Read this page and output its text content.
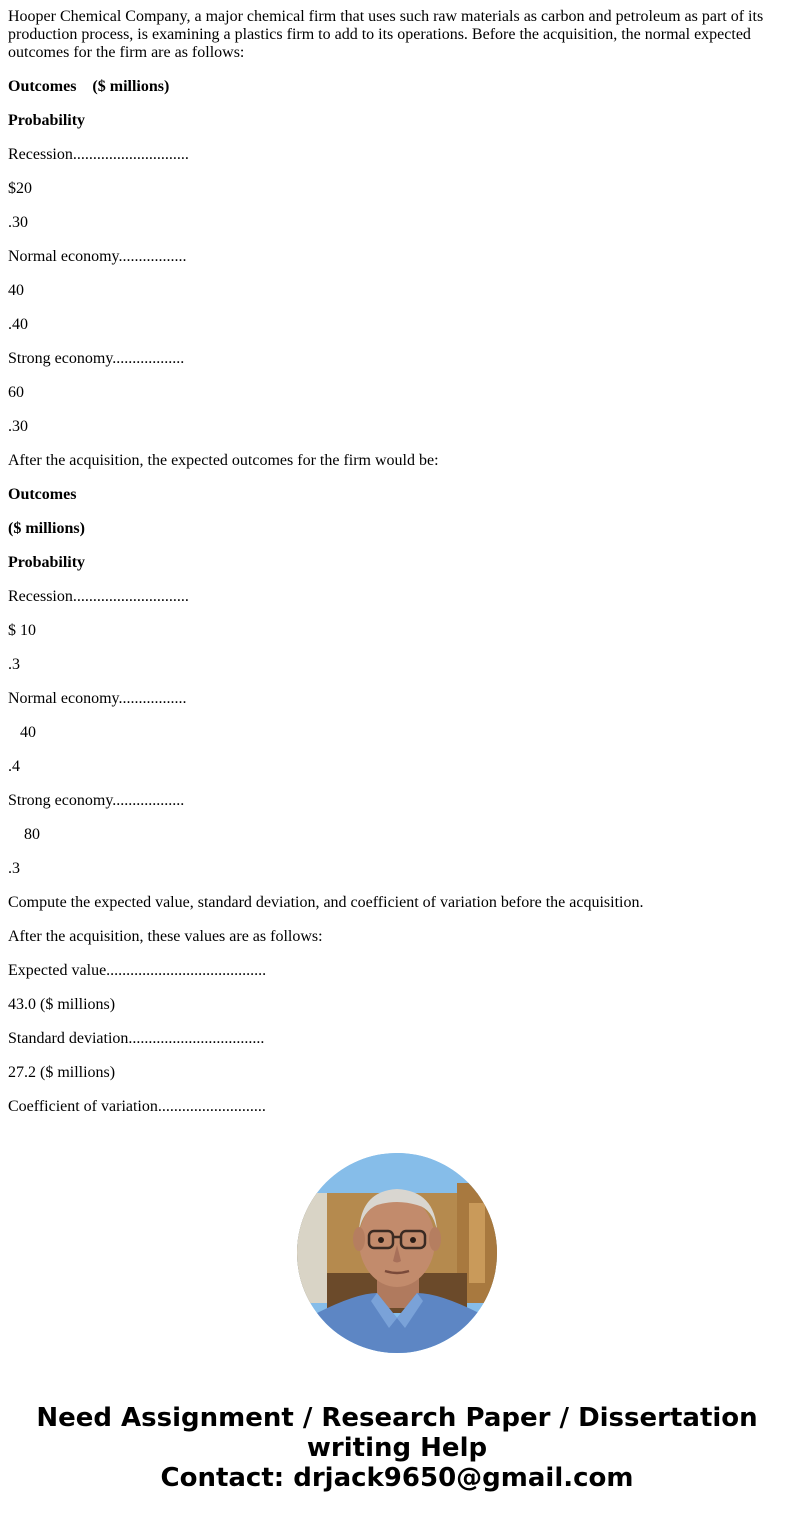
Hooper Chemical Company, a major chemical firm that uses such raw materials as carbon and petroleum as part of its production process, is examining a plastics firm to add to its operations. Before the acquisition, the normal expected outcomes for the firm are as follows:
Outcomes    ($ millions)
Probability
Recession.............................
$20
.30
Normal economy.................
40
.40
Strong economy..................
60
.30
After the acquisition, the expected outcomes for the firm would be:
Outcomes
($ millions)
Probability
Recession.............................
$ 10
.3
Normal economy.................
40
.4
Strong economy..................
80
.3
Compute the expected value, standard deviation, and coefficient of variation before the acquisition.
After the acquisition, these values are as follows:
Expected value........................................
43.0 ($ millions)
Standard deviation..................................
27.2 ($ millions)
Coefficient of variation...........................
Need Assignment / Research Paper / Dissertation
writing Help
Contact: drjack9650@gmail.com
